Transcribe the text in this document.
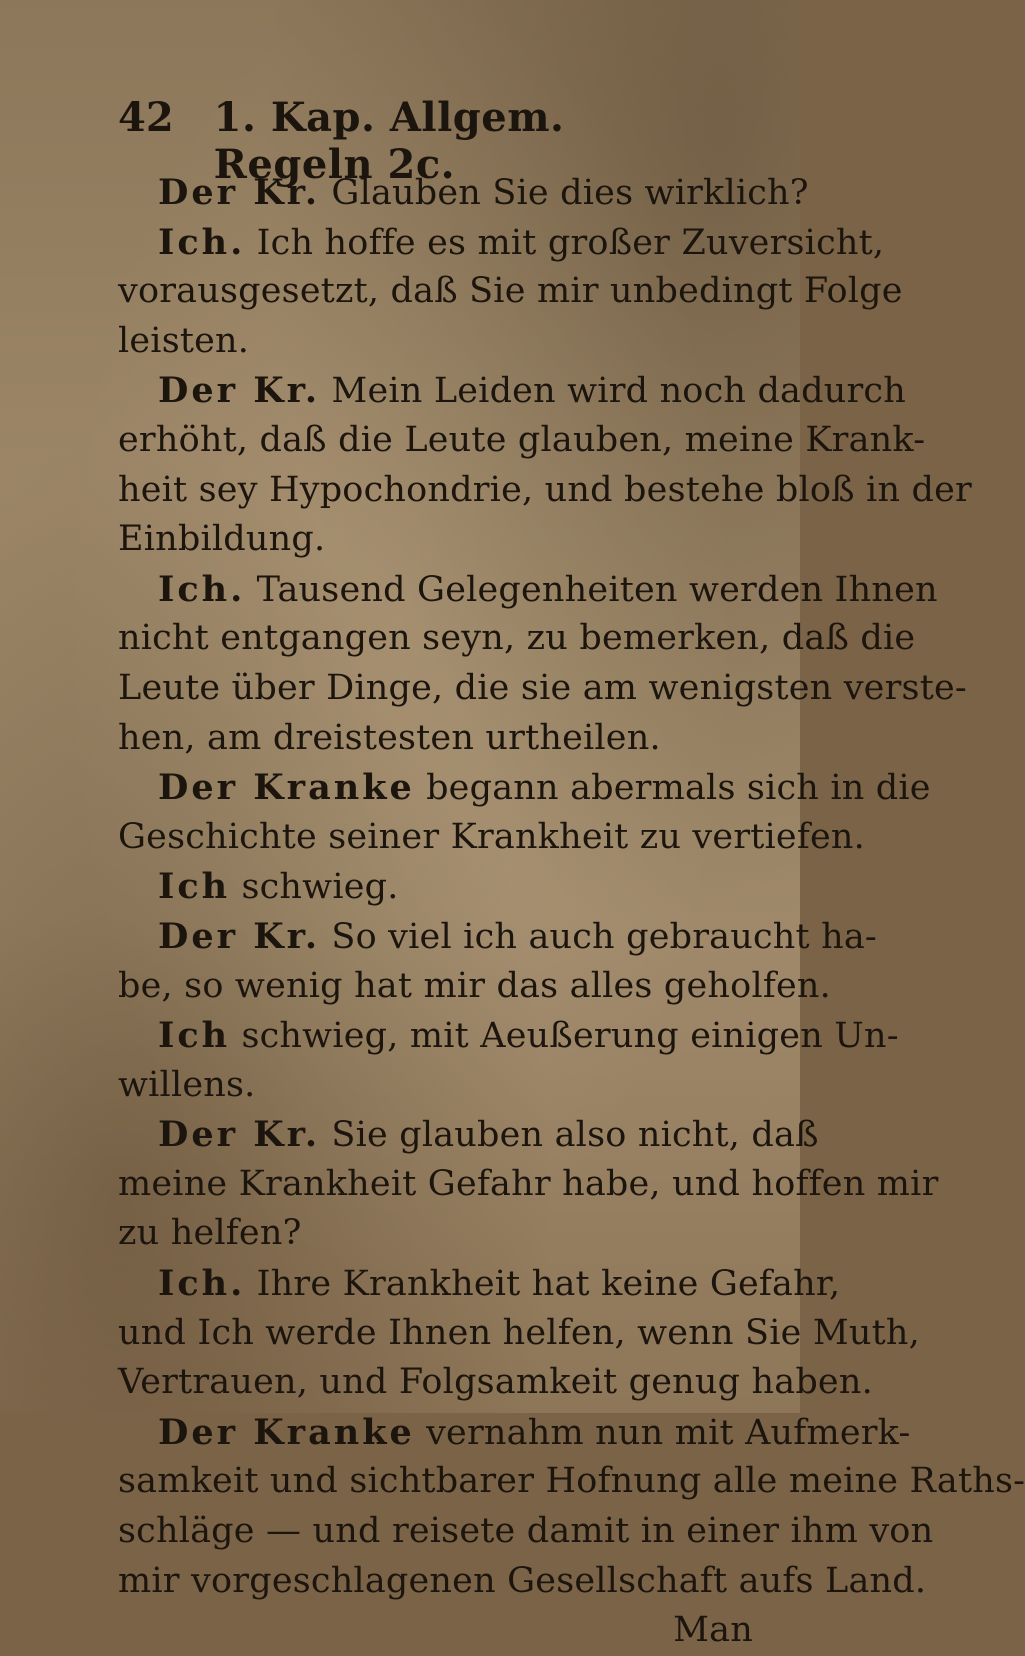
42 1. Kap. Allgem. Regeln 2c.
Der Kr. Glauben Sie dies wirklich?
Ich. Ich hoffe es mit großer Zuversicht,
vorausgesetzt, daß Sie mir unbedingt Folge
leisten.
Der Kr. Mein Leiden wird noch dadurch
erhöht, daß die Leute glauben, meine Krank-
heit sey Hypochondrie, und bestehe bloß in der
Einbildung.
Ich. Tausend Gelegenheiten werden Ihnen
nicht entgangen seyn, zu bemerken, daß die
Leute über Dinge, die sie am wenigsten verste-
hen, am dreistesten urtheilen.
Der Kranke begann abermals sich in die
Geschichte seiner Krankheit zu vertiefen.
Ich schwieg.
Der Kr. So viel ich auch gebraucht ha-
be, so wenig hat mir das alles geholfen.
Ich schwieg, mit Aeußerung einigen Un-
willens.
Der Kr. Sie glauben also nicht, daß
meine Krankheit Gefahr habe, und hoffen mir
zu helfen?
Ich. Ihre Krankheit hat keine Gefahr,
und Ich werde Ihnen helfen, wenn Sie Muth,
Vertrauen, und Folgsamkeit genug haben.
Der Kranke vernahm nun mit Aufmerk-
samkeit und sichtbarer Hofnung alle meine Raths-
schläge — und reisete damit in einer ihm von
mir vorgeschlagenen Gesellschaft aufs Land.
Man
